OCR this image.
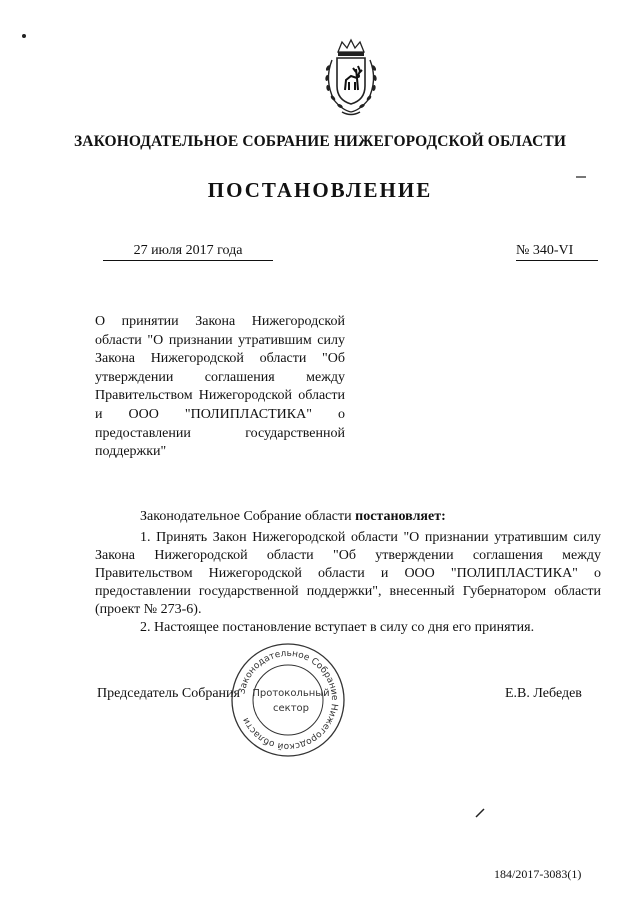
ЗАКОНОДАТЕЛЬНОЕ СОБРАНИЕ НИЖЕГОРОДСКОЙ ОБЛАСТИ
ПОСТАНОВЛЕНИЕ
27 июля 2017 года	№ 340-VI
О принятии Закона Нижегородской области "О признании утратившим силу Закона Нижегородской области "Об утверждении соглашения между Правительством Нижегородской области и ООО "ПОЛИПЛАСТИКА" о предоставлении государственной поддержки"
Законодательное Собрание области постановляет:

1. Принять Закон Нижегородской области "О признании утратившим силу Закона Нижегородской области "Об утверждении соглашения между Правительством Нижегородской области и ООО "ПОЛИПЛАСТИКА" о предоставлении государственной поддержки", внесенный Губернатором области (проект № 273-6).

2. Настоящее постановление вступает в силу со дня его принятия.

Председатель Собрания	Е.В. Лебедев
Законодательное Собрание Нижегородской области
Протокольный
сектор
184/2017-3083(1)
